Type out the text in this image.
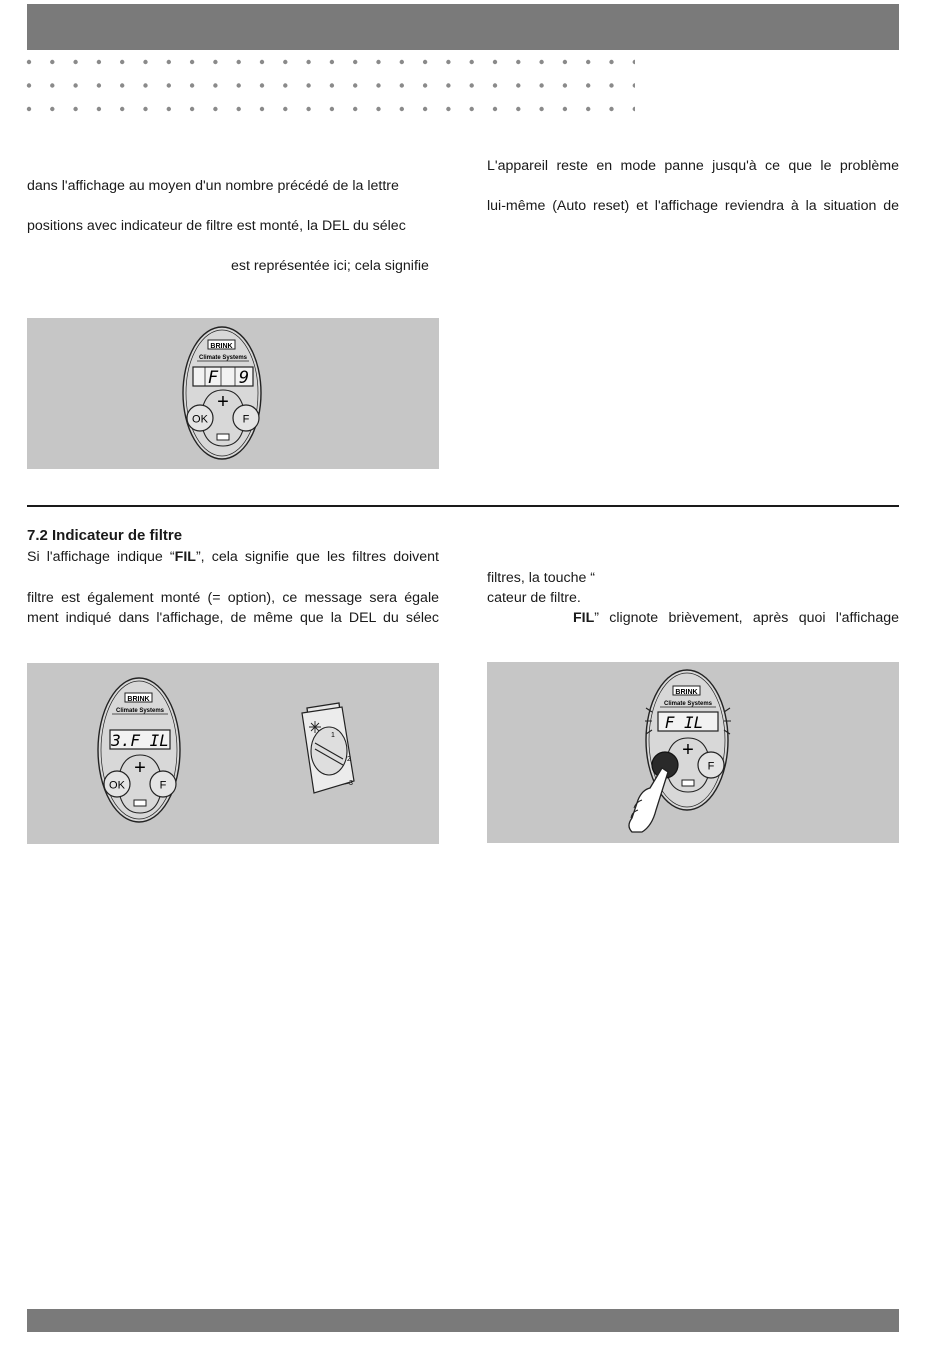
dans l'affichage au moyen d'un nombre précédé de la lettre
positions avec indicateur de filtre est monté, la DEL du sélec
est représentée ici; cela signifie
L'appareil reste en mode panne jusqu'à ce que le problème
lui-même (Auto reset) et l'affichage reviendra à la situation de
BRINK
Climate Systems
F 9
OK	F
+
7.2 Indicateur de filtre
Si l'affichage indique “FIL”, cela signifie que les filtres doivent
filtre est également monté (= option), ce message sera égale
ment indiqué dans l'affichage, de même que la DEL du sélec
filtres, la touche “
cateur de filtre.
FIL” clignote brièvement, après quoi l'affichage
BRINK
Climate Systems
3.F IL
OK	F
+
1
2
3
BRINK
Climate Systems
F IL
F
+
